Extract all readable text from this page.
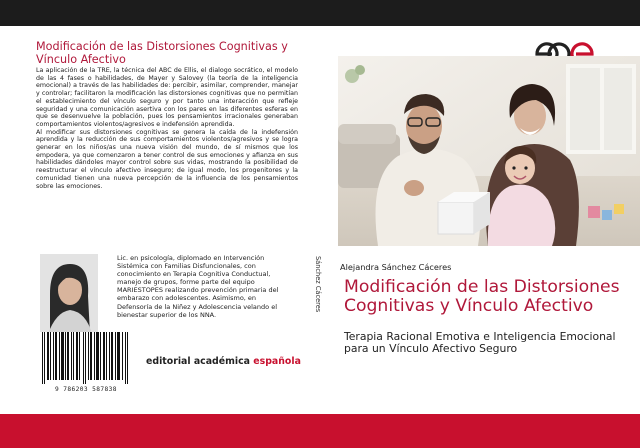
Modificación de las Distorsiones Cognitivas y Vínculo Afectivo

La aplicación de la TRE, la técnica del ABC de Ellis, el dialogo socrático, el modelo de las 4 fases o habilidades, de Mayer y Salovey (la teoría de la inteligencia emocional) a través de las habilidades de: percibir, asimilar, comprender, manejar y controlar; facilitaron la modificación las distorsiones cognitivas que no permitían el establecimiento del vínculo seguro y por tanto una interacción que refleje seguridad y una comunicación asertiva con los pares en las diferentes esferas en que se desenvuelve la población, pues los pensamientos irracionales generaban comportamientos violentos/agresivos e indefensión aprendida.

Al modificar sus distorsiones cognitivas se genera la caída de la indefensión aprendida y la reducción de sus comportamientos violentos/agresivos y se logra generar en los niños/as una nueva visión del mundo, de sí mismos que los empodera, ya que comenzaron a tener control de sus emociones y afianza en sus habilidades dándoles mayor control sobre sus vidas, mostrando la posibilidad de reestructurar el vínculo afectivo inseguro; de igual modo, los progenitores y la comunidad tienen una nueva percepción de la influencia de los pensamientos sobre las emociones.

Lic. en psicología, diplomado en Intervención Sistémica con Familias Disfuncionales, con conocimiento en Terapia Cognitiva Conductual, manejo de grupos, forme parte del equipo MARIESTOPES realizando prevención primaria del embarazo con adolescentes. Asimismo, en Defensoría de la Niñez y Adolescencia velando el bienestar superior de los NNA.
9 786203 587838
editorial académica española
Sánchez Cáceres Alejandra Sánchez Cáceres
Modificación de las Distorsiones Cognitivas y Vínculo Afectivo
Terapia Racional Emotiva e Inteligencia Emocional para un Vínculo Afectivo Seguro
